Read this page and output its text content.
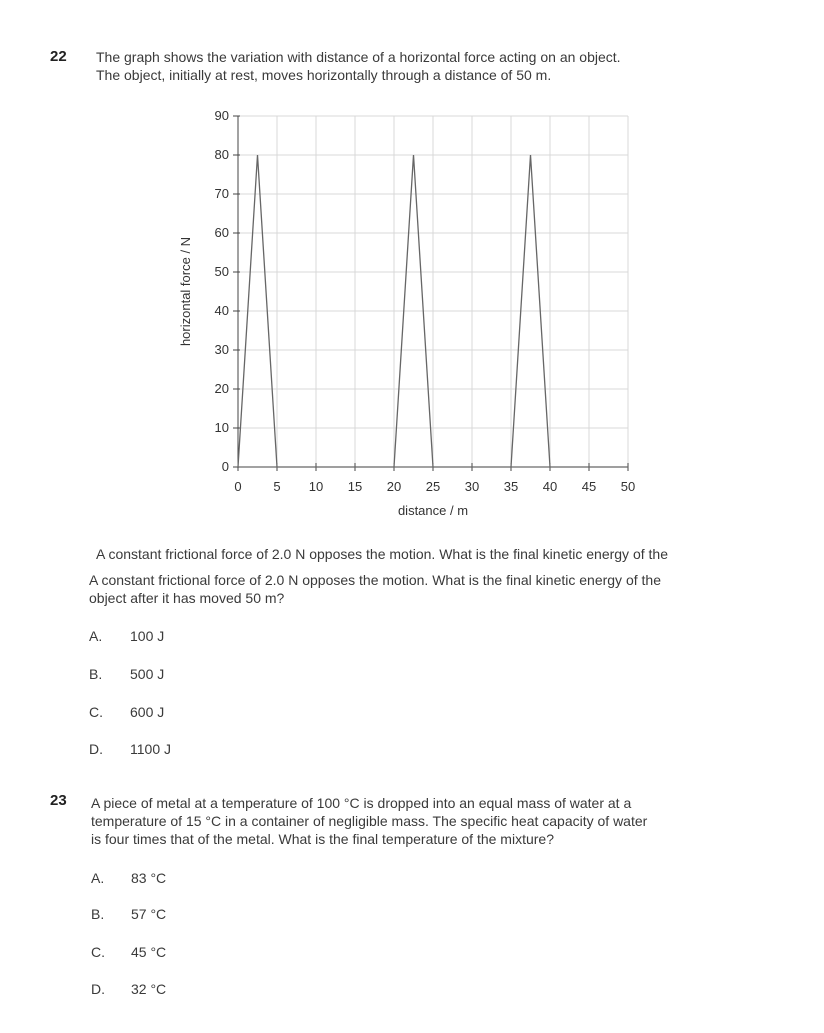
22 The graph shows the variation with distance of a horizontal force acting on an object.
The object, initially at rest, moves horizontally through a distance of 50 m.
0 5 10 15 20 25 30 35 40 45 50
0
10
20
30
40
50
60
70
80
90
distance / m
horizontal force / N
A constant frictional force of 2.0 N opposes the motion. What is the final kinetic energy of the
A constant frictional force of 2.0 N opposes the motion. What is the final kinetic energy of the
object after it has moved 50 m?
A. 100 J
B. 500 J
C. 600 J
D. 1100 J
23 A piece of metal at a temperature of 100 °C is dropped into an equal mass of water at a
temperature of 15 °C in a container of negligible mass. The specific heat capacity of water
is four times that of the metal. What is the final temperature of the mixture?
A. 83 °C
B. 57 °C
C. 45 °C
D. 32 °C
